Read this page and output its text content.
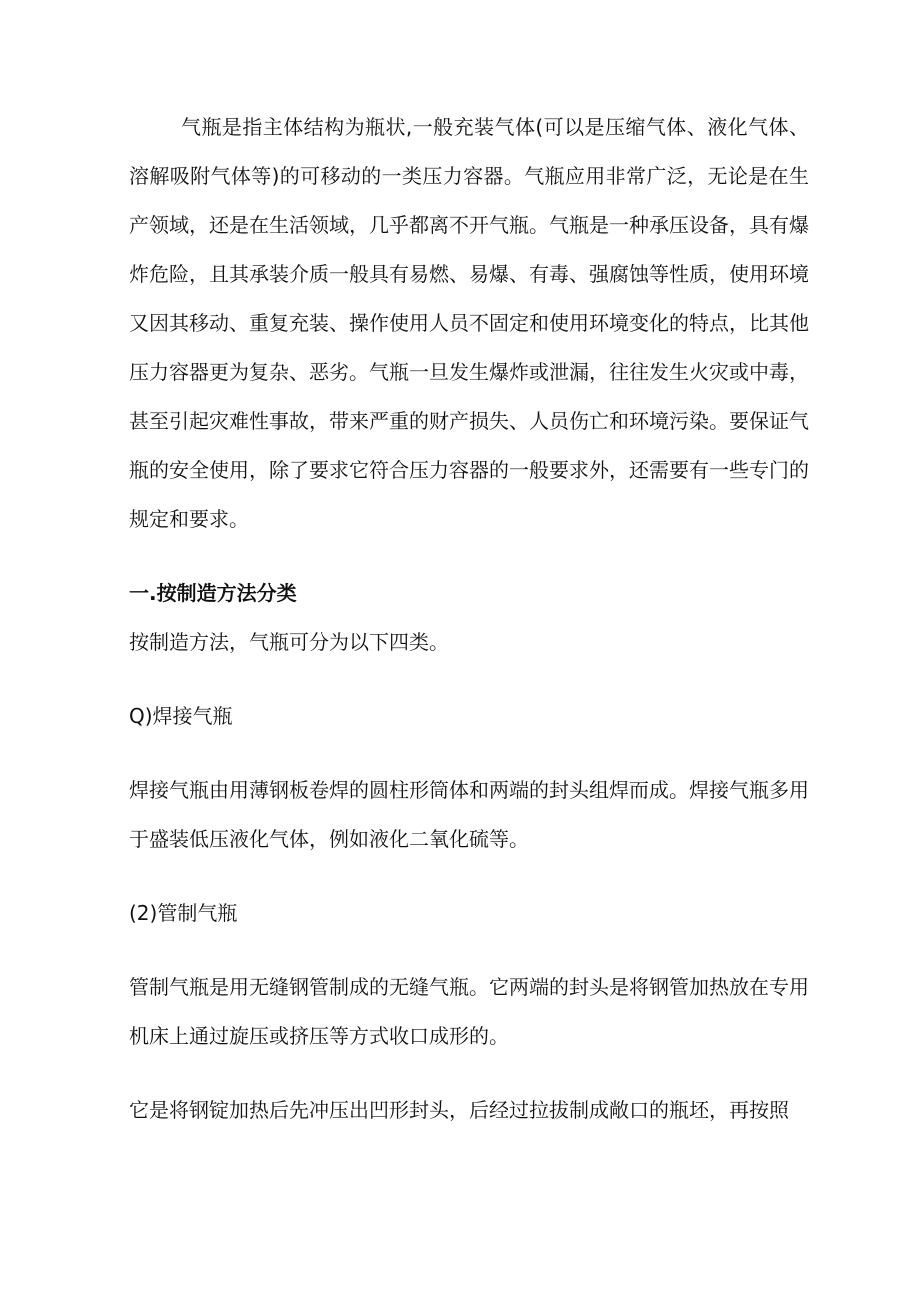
气瓶是指主体结构为瓶状,一般充装气体(可以是压缩气体、液化气体、溶解吸附气体等)的可移动的一类压力容器。气瓶应用非常广泛，无论是在生产领域，还是在生活领域，几乎都离不开气瓶。气瓶是一种承压设备，具有爆炸危险，且其承装介质一般具有易燃、易爆、有毒、强腐蚀等性质，使用环境又因其移动、重复充装、操作使用人员不固定和使用环境变化的特点，比其他压力容器更为复杂、恶劣。气瓶一旦发生爆炸或泄漏，往往发生火灾或中毒，甚至引起灾难性事故，带来严重的财产损失、人员伤亡和环境污染。要保证气瓶的安全使用，除了要求它符合压力容器的一般要求外，还需要有一些专门的规定和要求。

一.按制造方法分类

按制造方法，气瓶可分为以下四类。

Q)焊接气瓶

焊接气瓶由用薄钢板卷焊的圆柱形筒体和两端的封头组焊而成。焊接气瓶多用于盛装低压液化气体，例如液化二氧化硫等。

(2)管制气瓶

管制气瓶是用无缝钢管制成的无缝气瓶。它两端的封头是将钢管加热放在专用机床上通过旋压或挤压等方式收口成形的。

它是将钢锭加热后先冲压出凹形封头，后经过拉拔制成敞口的瓶坯，再按照
